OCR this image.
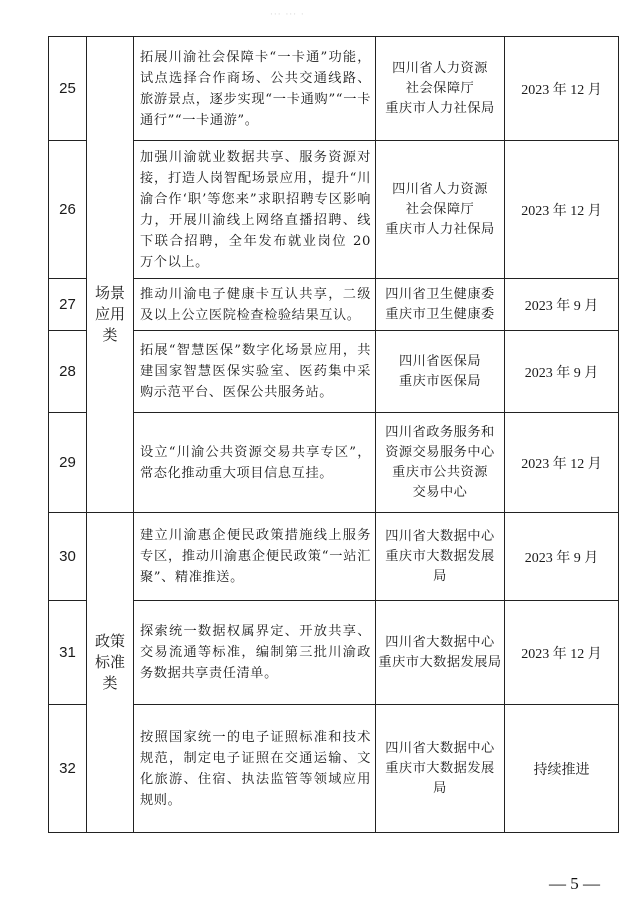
··· ··· ·
25	场景应用类	拓展川渝社会保障卡“一卡通”功能，试点选择合作商场、公共交通线路、旅游景点，逐步实现“一卡通购”“一卡通行”“一卡通游”。	四川省人力资源
社会保障厅
重庆市人力社保局	2023 年 12 月
26		加强川渝就业数据共享、服务资源对接，打造人岗智配场景应用，提升“川渝合作‘职’等您来”求职招聘专区影响力，开展川渝线上网络直播招聘、线下联合招聘，全年发布就业岗位 20 万个以上。	四川省人力资源
社会保障厅
重庆市人力社保局	2023 年 12 月
27		推动川渝电子健康卡互认共享，二级及以上公立医院检查检验结果互认。	四川省卫生健康委
重庆市卫生健康委	2023 年 9 月
28		拓展“智慧医保”数字化场景应用，共建国家智慧医保实验室、医药集中采购示范平台、医保公共服务站。	四川省医保局
重庆市医保局	2023 年 9 月
29		设立“川渝公共资源交易共享专区”，常态化推动重大项目信息互挂。	四川省政务服务和
资源交易服务中心
重庆市公共资源
交易中心	2023 年 12 月
30	政策标准类	建立川渝惠企便民政策措施线上服务专区，推动川渝惠企便民政策“一站汇聚”、精准推送。	四川省大数据中心
重庆市大数据发展
局	2023 年 9 月
31		探索统一数据权属界定、开放共享、交易流通等标准，编制第三批川渝政务数据共享责任清单。	四川省大数据中心
重庆市大数据发展局	2023 年 12 月
32		按照国家统一的电子证照标准和技术规范，制定电子证照在交通运输、文化旅游、住宿、执法监管等领域应用规则。	四川省大数据中心
重庆市大数据发展
局	持续推进
— 5 —
